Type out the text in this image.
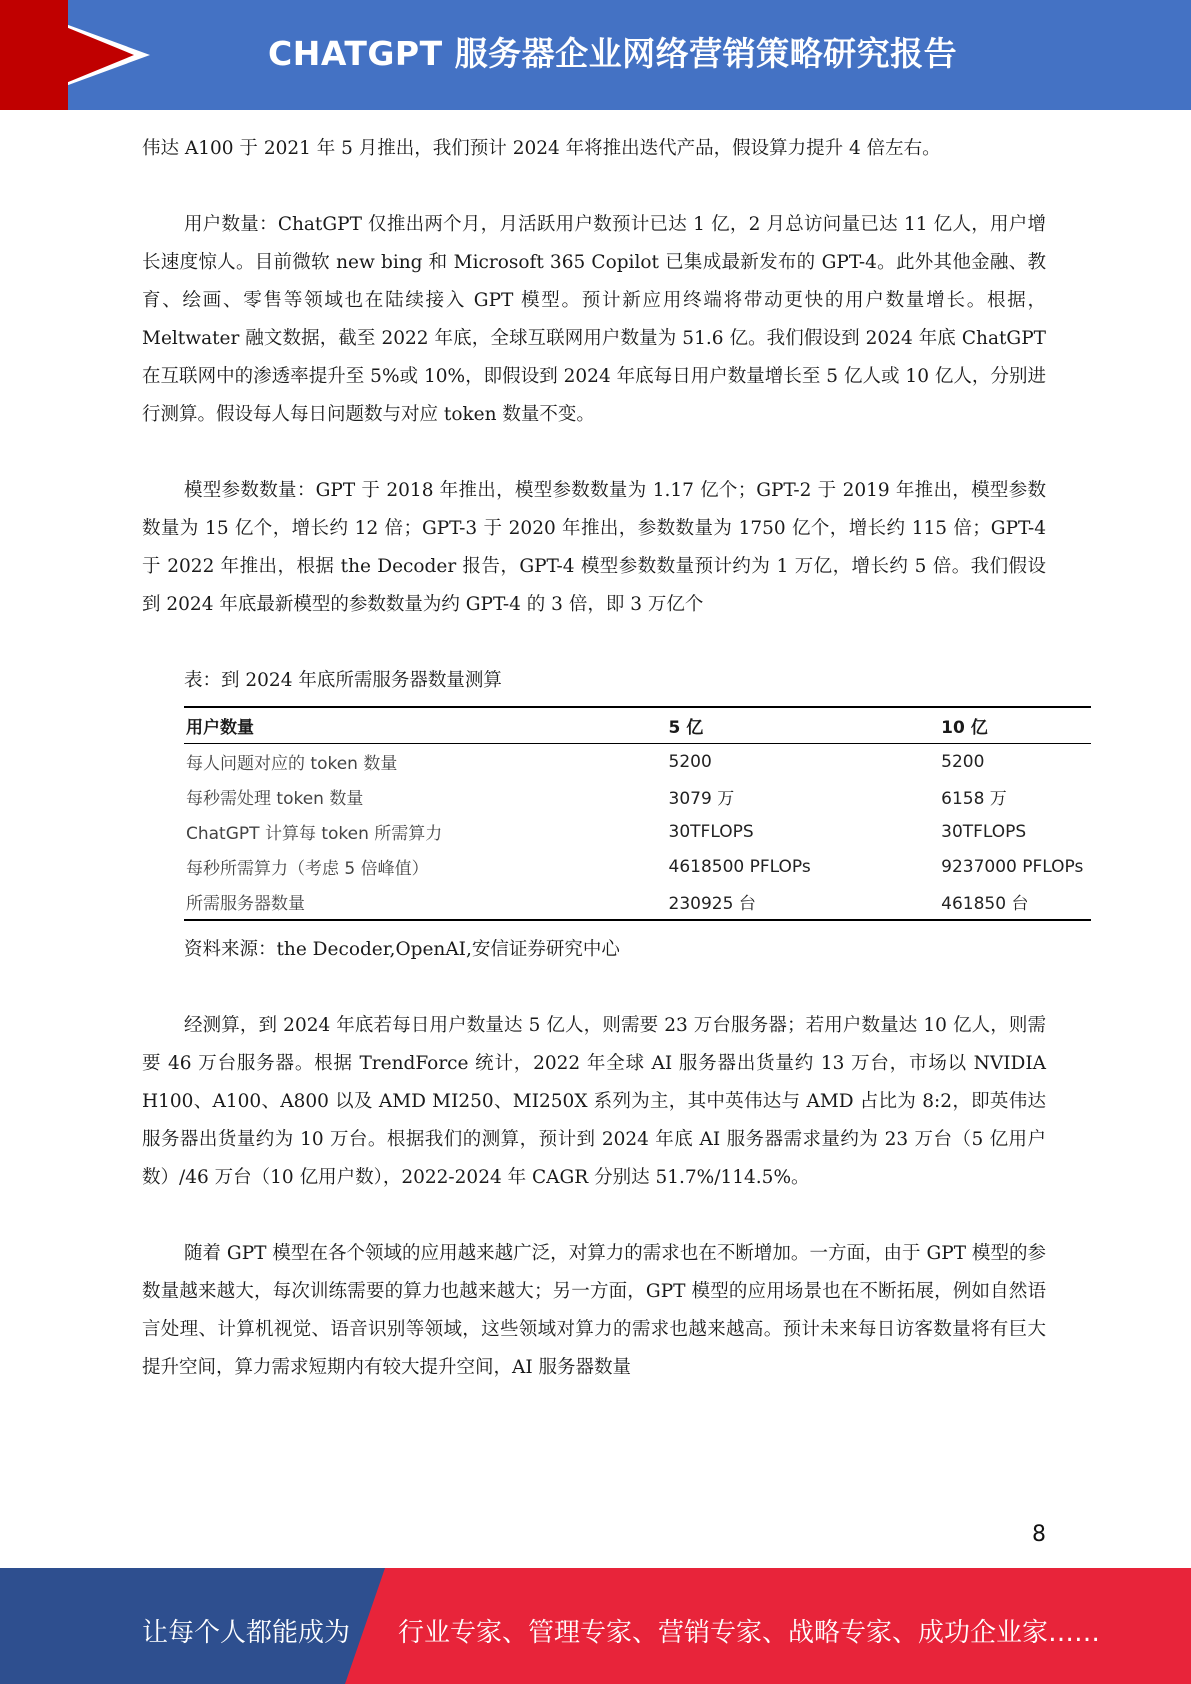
CHATGPT 服务器企业网络营销策略研究报告

伟达 A100 于 2021 年 5 月推出，我们预计 2024 年将推出迭代产品，假设算力提升 4 倍左右。

用户数量：ChatGPT 仅推出两个月，月活跃用户数预计已达 1 亿，2 月总访问量已达 11 亿人，用户增长速度惊人。目前微软 new bing 和 Microsoft 365 Copilot 已集成最新发布的 GPT-4。此外其他金融、教育、绘画、零售等领域也在陆续接入 GPT 模型。预计新应用终端将带动更快的用户数量增长。根据，Meltwater 融文数据，截至 2022 年底，全球互联网用户数量为 51.6 亿。我们假设到 2024 年底 ChatGPT 在互联网中的渗透率提升至 5%或 10%，即假设到 2024 年底每日用户数量增长至 5 亿人或 10 亿人，分别进行测算。假设每人每日问题数与对应 token 数量不变。

模型参数数量：GPT 于 2018 年推出，模型参数数量为 1.17 亿个；GPT-2 于 2019 年推出，模型参数数量为 15 亿个，增长约 12 倍；GPT-3 于 2020 年推出，参数数量为 1750 亿个，增长约 115 倍；GPT-4 于 2022 年推出，根据 the Decoder 报告，GPT-4 模型参数数量预计约为 1 万亿，增长约 5 倍。我们假设到 2024 年底最新模型的参数数量为约 GPT-4 的 3 倍，即 3 万亿个

表：到 2024 年底所需服务器数量测算

用户数量	5 亿	10 亿
每人问题对应的 token 数量	5200	5200
每秒需处理 token 数量	3079 万	6158 万
ChatGPT 计算每 token 所需算力	30TFLOPS	30TFLOPS
每秒所需算力（考虑 5 倍峰值）	4618500 PFLOPs	9237000 PFLOPs
所需服务器数量	230925 台	461850 台

资料来源：the Decoder,OpenAI,安信证券研究中心

经测算，到 2024 年底若每日用户数量达 5 亿人，则需要 23 万台服务器；若用户数量达 10 亿人，则需要 46 万台服务器。根据 TrendForce 统计，2022 年全球 AI 服务器出货量约 13 万台，市场以 NVIDIA H100、A100、A800 以及 AMD MI250、MI250X 系列为主，其中英伟达与 AMD 占比为 8:2，即英伟达服务器出货量约为 10 万台。根据我们的测算，预计到 2024 年底 AI 服务器需求量约为 23 万台（5 亿用户数）/46 万台（10 亿用户数），2022-2024 年 CAGR 分别达 51.7%/114.5%。

随着 GPT 模型在各个领域的应用越来越广泛，对算力的需求也在不断增加。一方面，由于 GPT 模型的参数量越来越大，每次训练需要的算力也越来越大；另一方面，GPT 模型的应用场景也在不断拓展，例如自然语言处理、计算机视觉、语音识别等领域，这些领域对算力的需求也越来越高。预计未来每日访客数量将有巨大提升空间，算力需求短期内有较大提升空间，AI 服务器数量

8
让每个人都能成为 行业专家、管理专家、营销专家、战略专家、成功企业家……
